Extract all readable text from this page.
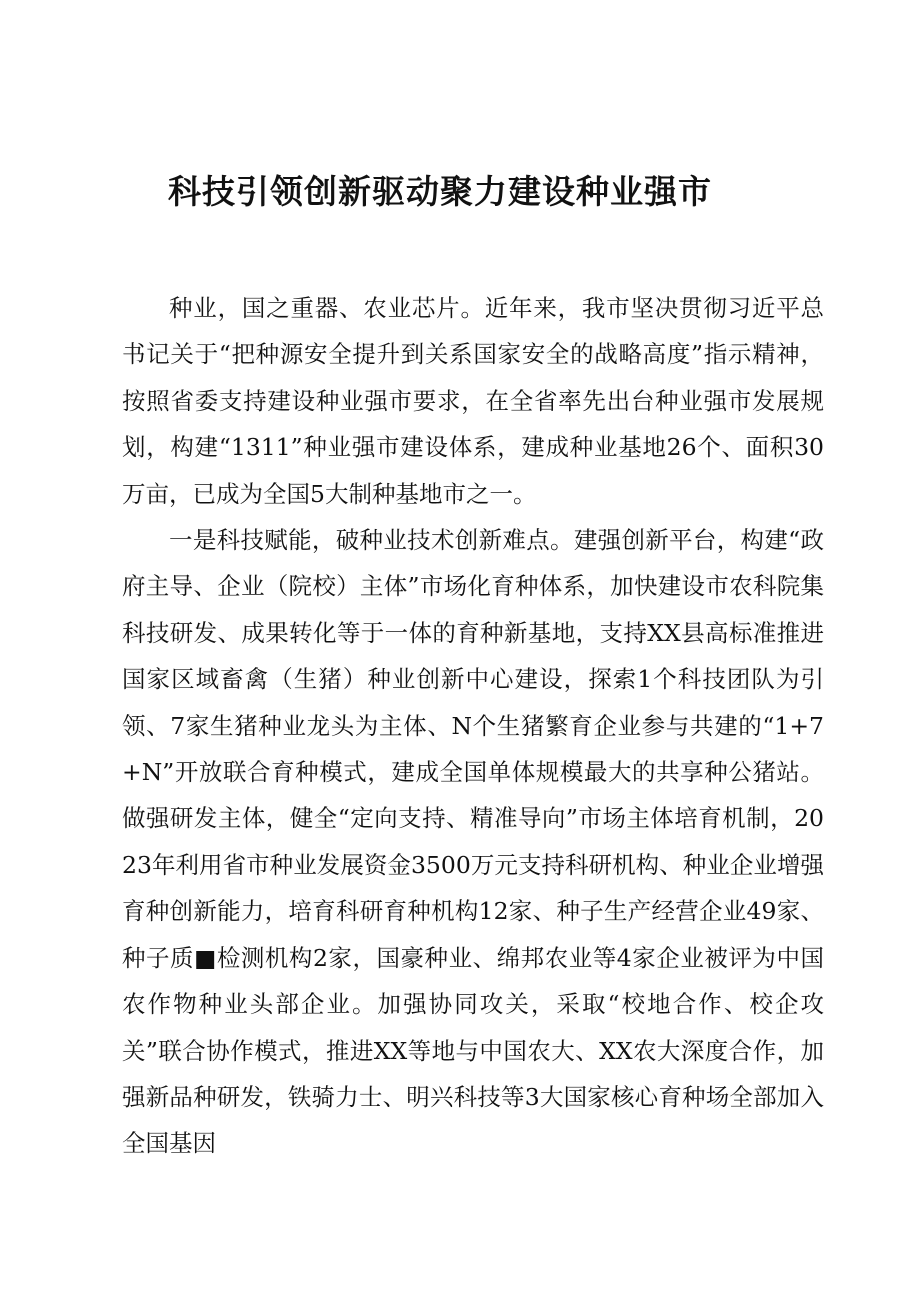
科技引领创新驱动聚力建设种业强市

种业，国之重器、农业芯片。近年来，我市坚决贯彻习近平总书记关于“把种源安全提升到关系国家安全的战略高度”指示精神，按照省委支持建设种业强市要求，在全省率先出台种业强市发展规划，构建“1311”种业强市建设体系，建成种业基地26个、面积30万亩，已成为全国5大制种基地市之一。

一是科技赋能，破种业技术创新难点。建强创新平台，构建“政府主导、企业（院校）主体”市场化育种体系，加快建设市农科院集科技研发、成果转化等于一体的育种新基地，支持XX县高标准推进国家区域畜禽（生猪）种业创新中心建设，探索1个科技团队为引领、7家生猪种业龙头为主体、N个生猪繁育企业参与共建的“1+7+N”开放联合育种模式，建成全国单体规模最大的共享种公猪站。做强研发主体，健全“定向支持、精准导向”市场主体培育机制，2023年利用省市种业发展资金3500万元支持科研机构、种业企业增强育种创新能力，培育科研育种机构12家、种子生产经营企业49家、种子质■检测机构2家，国豪种业、绵邦农业等4家企业被评为中国农作物种业头部企业。加强协同攻关，采取“校地合作、校企攻关”联合协作模式，推进XX等地与中国农大、XX农大深度合作，加强新品种研发，铁骑力士、明兴科技等3大国家核心育种场全部加入全国基因
